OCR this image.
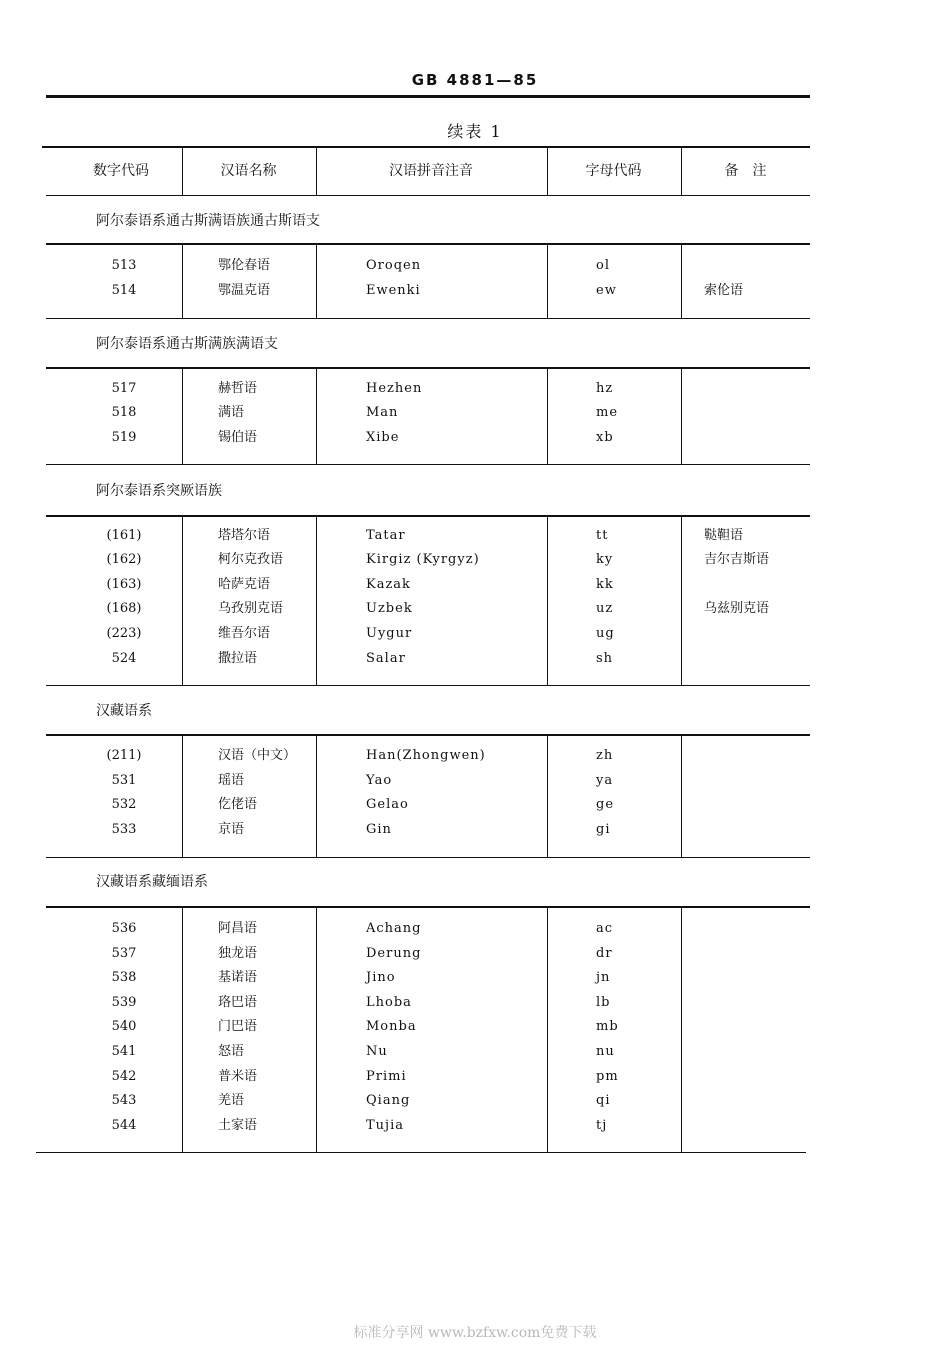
GB 4881—85
续表 1
数字代码	汉语名称	汉语拼音注音	字母代码	备　注
阿尔泰语系通古斯满语族通古斯语支
513	鄂伦春语	Oroqen	ol
514	鄂温克语	Ewenki	ew	索伦语
阿尔泰语系通古斯满族满语支
517	赫哲语	Hezhen	hz
518	满语	Man	me
519	锡伯语	Xibe	xb
阿尔泰语系突厥语族
(161)	塔塔尔语	Tatar	tt	鞑靼语
(162)	柯尔克孜语	Kirgiz (Kyrgyz)	ky	吉尔吉斯语
(163)	哈萨克语	Kazak	kk
(168)	乌孜别克语	Uzbek	uz	乌兹别克语
(223)	维吾尔语	Uygur	ug
524	撒拉语	Salar	sh
汉藏语系
(211)	汉语（中文）	Han(Zhongwen)	zh
531	瑶语	Yao	ya
532	仡佬语	Gelao	ge
533	京语	Gin	gi
汉藏语系藏缅语系
536	阿昌语	Achang	ac
537	独龙语	Derung	dr
538	基诺语	Jino	jn
539	珞巴语	Lhoba	lb
540	门巴语	Monba	mb
541	怒语	Nu	nu
542	普米语	Primi	pm
543	羌语	Qiang	qi
544	土家语	Tujia	tj
标准分享网 www.bzfxw.com免费下载
